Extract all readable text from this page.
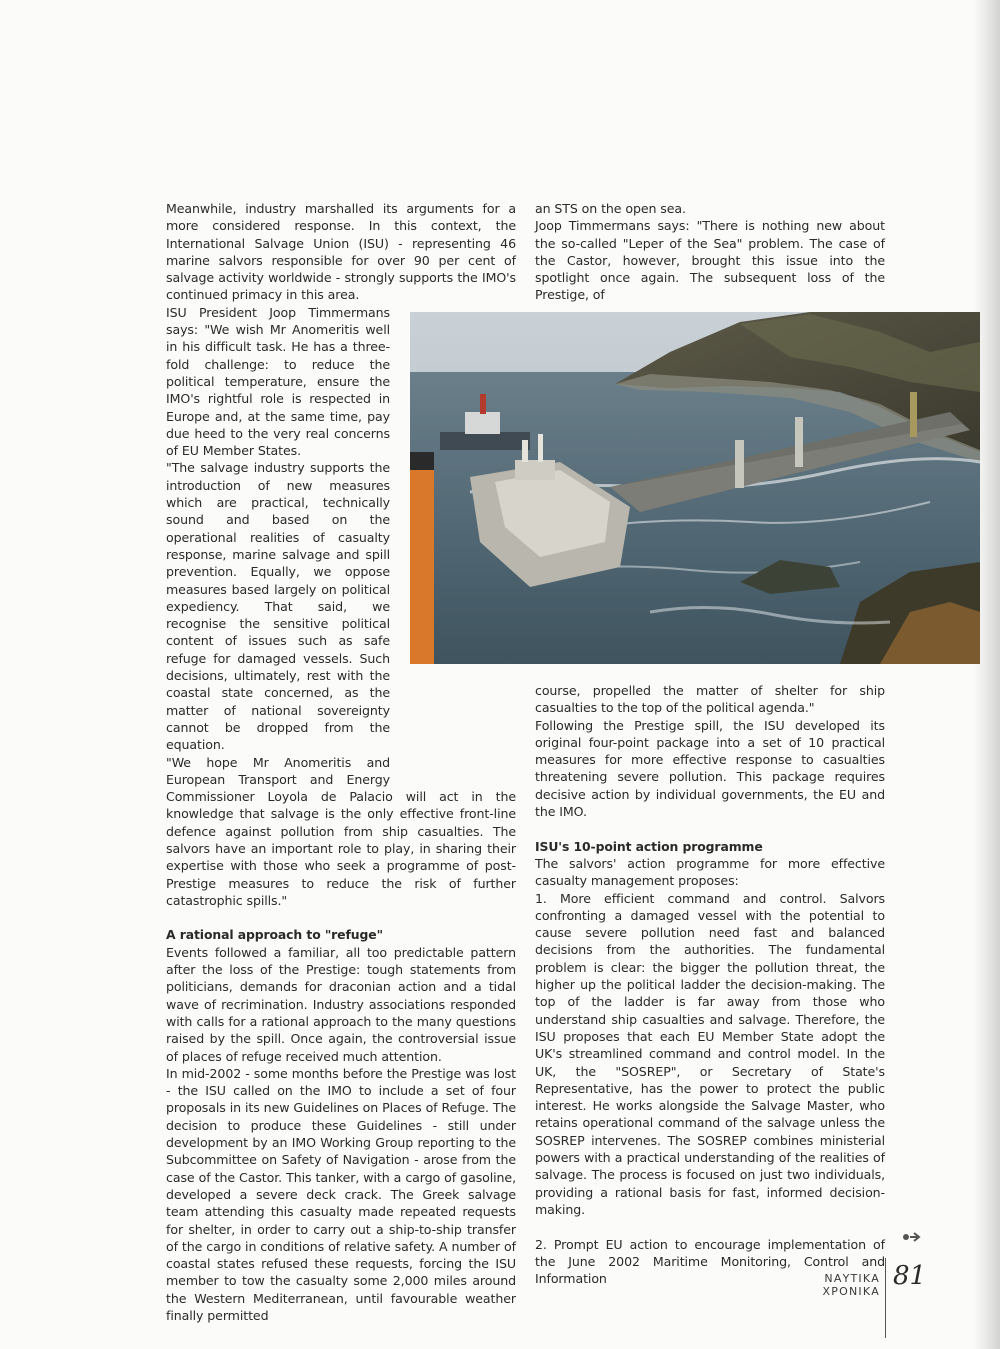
Meanwhile, industry marshalled its arguments for a more considered response. In this context, the International Salvage Union (ISU) - representing 46 marine salvors responsible for over 90 per cent of salvage activity worldwide - strongly supports the IMO's continued primacy in this area.

ISU President Joop Timmermans says: "We wish Mr Anomeritis well in his difficult task. He has a three-fold challenge: to reduce the political temperature, ensure the IMO's rightful role is respected in Europe and, at the same time, pay due heed to the very real concerns of EU Member States.

"The salvage industry supports the introduction of new measures which are practical, technically sound and based on the operational realities of casualty response, marine salvage and spill prevention. Equally, we oppose measures based largely on political expediency. That said, we recognise the sensitive political content of issues such as safe refuge for damaged vessels. Such decisions, ultimately, rest with the coastal state concerned, as the matter of national sovereignty cannot be dropped from the equation.

"We hope Mr Anomeritis and European Transport and Energy Commissioner Loyola de Palacio will act in the knowledge that salvage is the only effective front-line defence against pollution from ship casualties. The salvors have an important role to play, in sharing their expertise with those who seek a programme of post-Prestige measures to reduce the risk of further catastrophic spills."

A rational approach to "refuge"

Events followed a familiar, all too predictable pattern after the loss of the Prestige: tough statements from politicians, demands for draconian action and a tidal wave of recrimination. Industry associations responded with calls for a rational approach to the many questions raised by the spill. Once again, the controversial issue of places of refuge received much attention.

In mid-2002 - some months before the Prestige was lost - the ISU called on the IMO to include a set of four proposals in its new Guidelines on Places of Refuge. The decision to produce these Guidelines - still under development by an IMO Working Group reporting to the Subcommittee on Safety of Navigation - arose from the case of the Castor. This tanker, with a cargo of gasoline, developed a severe deck crack. The Greek salvage team attending this casualty made repeated requests for shelter, in order to carry out a ship-to-ship transfer of the cargo in conditions of relative safety. A number of coastal states refused these requests, forcing the ISU member to tow the casualty some 2,000 miles around the Western Mediterranean, until favourable weather finally permitted

an STS on the open sea.

Joop Timmermans says: "There is nothing new about the so-called "Leper of the Sea" problem. The case of the Castor, however, brought this issue into the spotlight once again. The subsequent loss of the Prestige, of

course, propelled the matter of shelter for ship casualties to the top of the political agenda."

Following the Prestige spill, the ISU developed its original four-point package into a set of 10 practical measures for more effective response to casualties threatening severe pollution. This package requires decisive action by individual governments, the EU and the IMO.

ISU's 10-point action programme

The salvors' action programme for more effective casualty management proposes:

1. More efficient command and control. Salvors confronting a damaged vessel with the potential to cause severe pollution need fast and balanced decisions from the authorities. The fundamental problem is clear: the bigger the pollution threat, the higher up the political ladder the decision-making. The top of the ladder is far away from those who understand ship casualties and salvage. Therefore, the ISU proposes that each EU Member State adopt the UK's streamlined command and control model. In the UK, the "SOSREP", or Secretary of State's Representative, has the power to protect the public interest. He works alongside the Salvage Master, who retains operational command of the salvage unless the SOSREP intervenes. The SOSREP combines ministerial powers with a practical understanding of the realities of salvage. The process is focused on just two individuals, providing a rational basis for fast, informed decision-making.

2. Prompt EU action to encourage implementation of the June 2002 Maritime Monitoring, Control and Information	ΝΑΥΤΙΚΑ ΧΡΟΝΙΚΑ
81
